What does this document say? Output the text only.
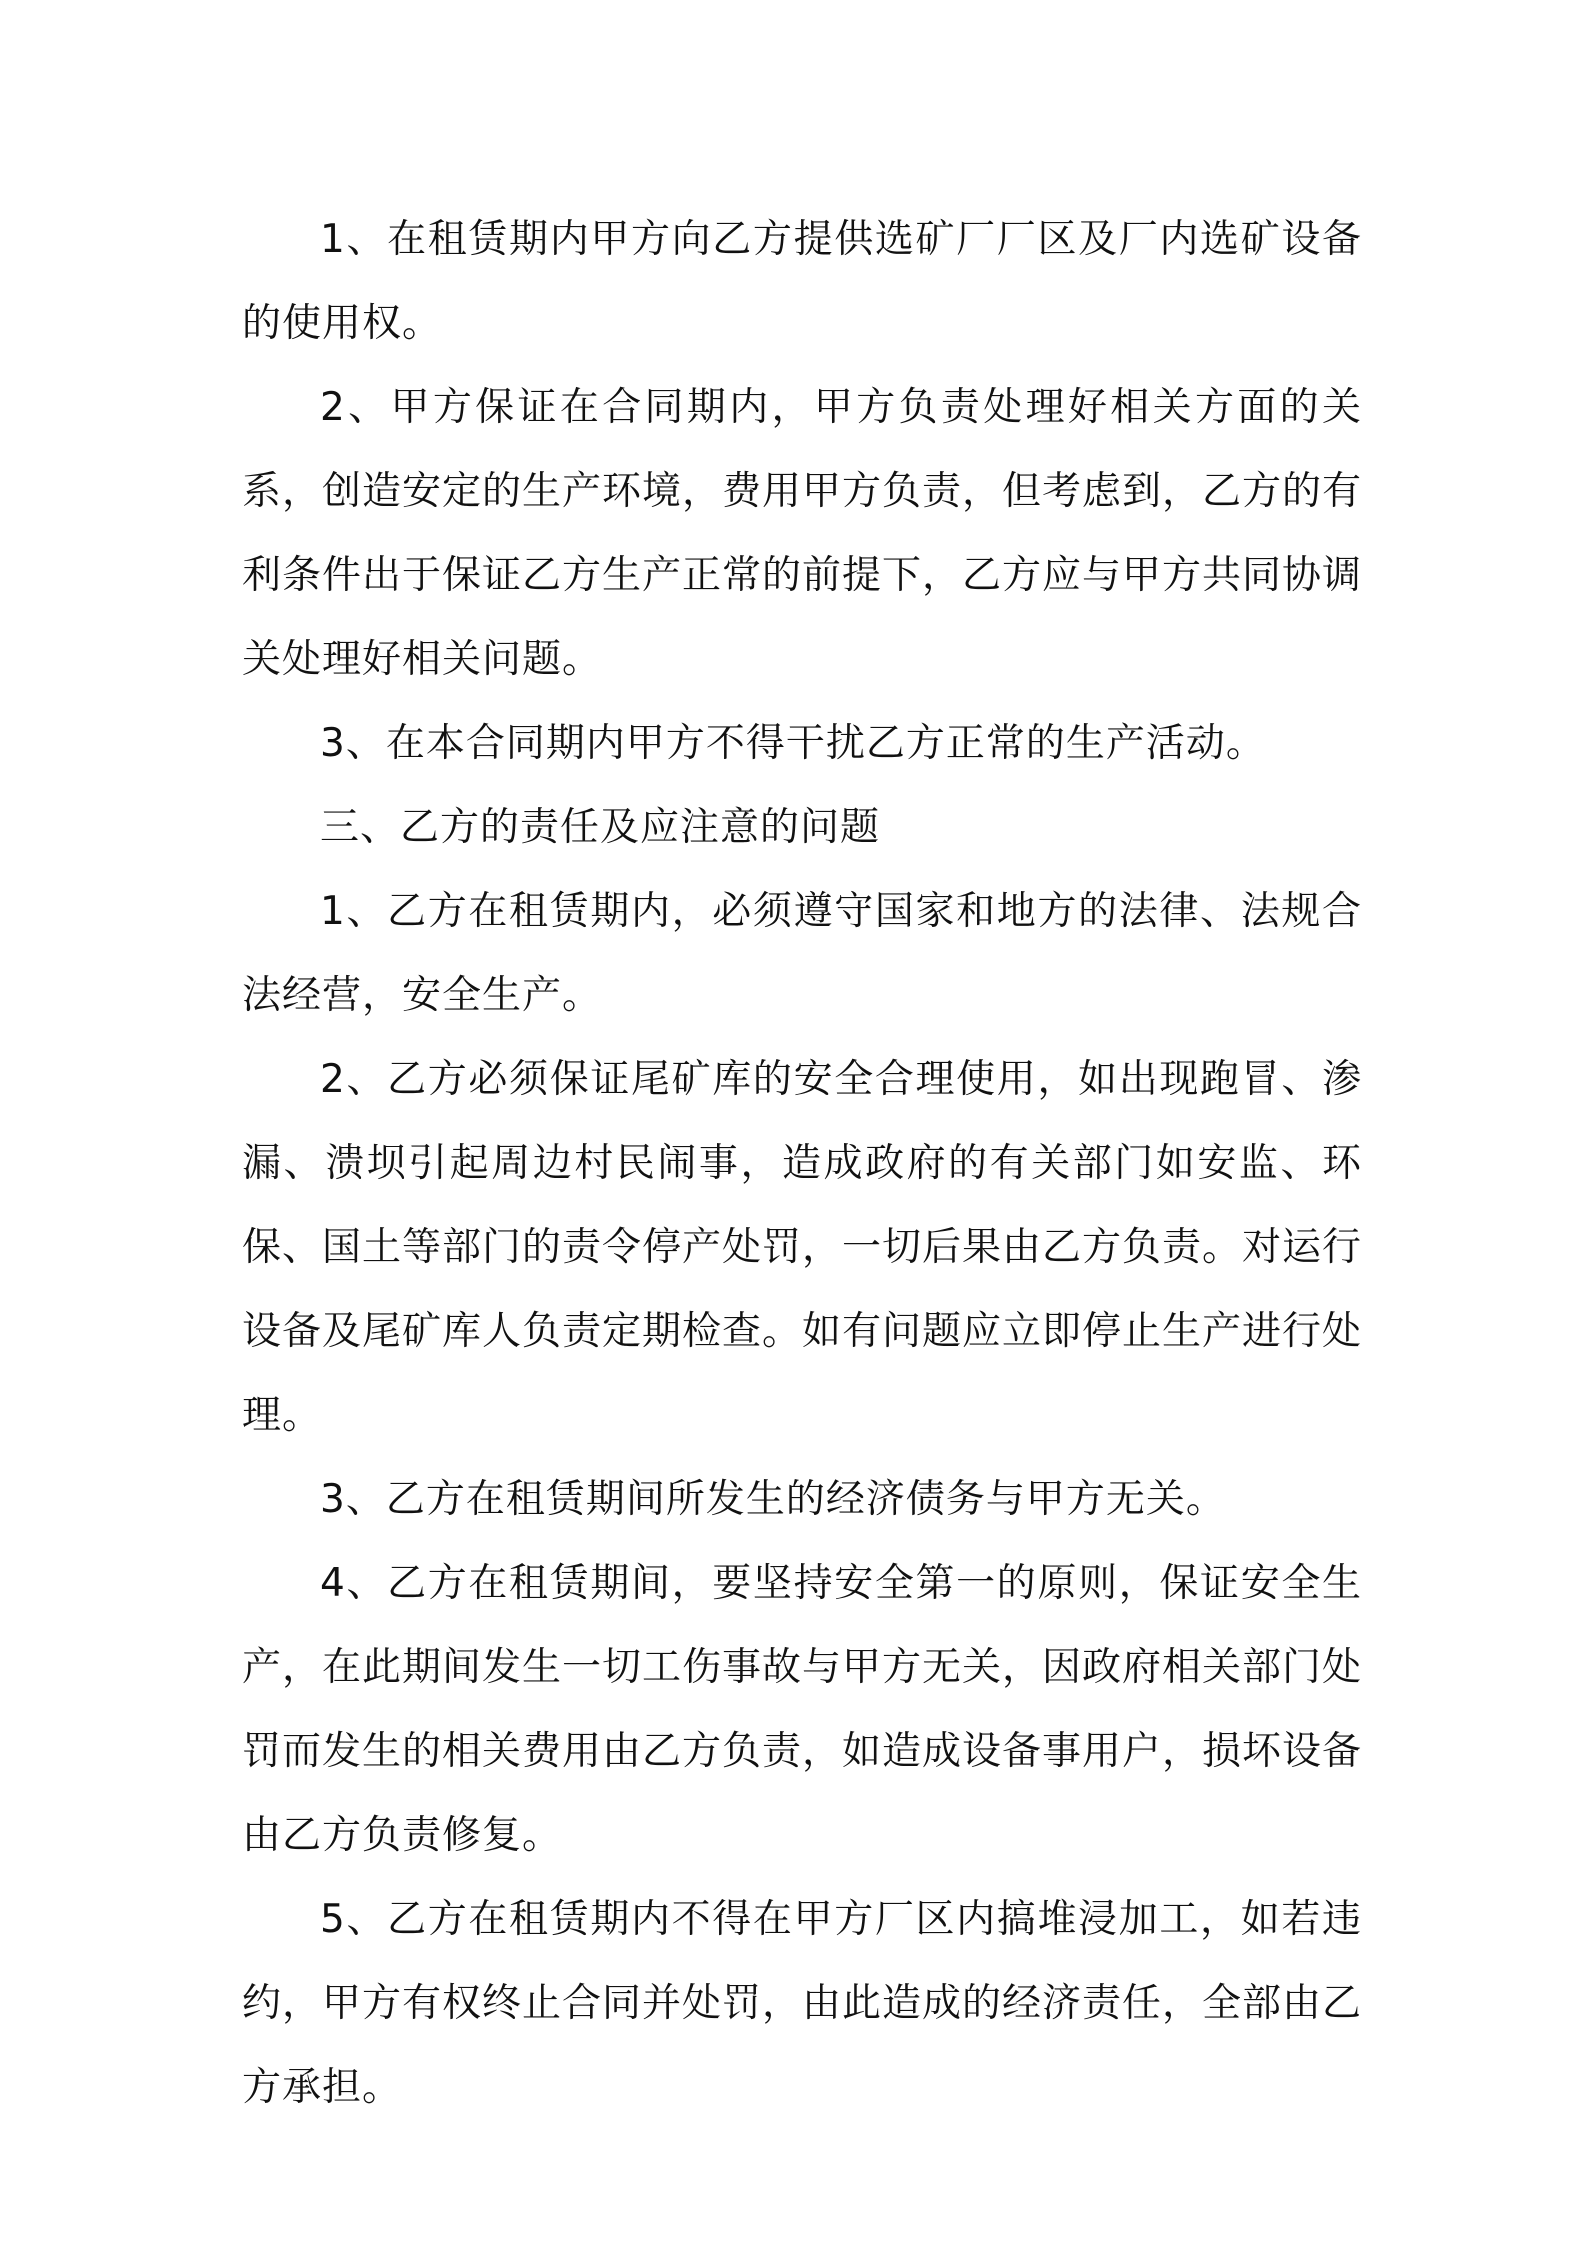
1、在租赁期内甲方向乙方提供选矿厂厂区及厂内选矿设备的使用权。

2、甲方保证在合同期内，甲方负责处理好相关方面的关系，创造安定的生产环境，费用甲方负责，但考虑到，乙方的有利条件出于保证乙方生产正常的前提下，乙方应与甲方共同协调关处理好相关问题。

3、在本合同期内甲方不得干扰乙方正常的生产活动。

三、乙方的责任及应注意的问题

1、乙方在租赁期内，必须遵守国家和地方的法律、法规合法经营，安全生产。

2、乙方必须保证尾矿库的安全合理使用，如出现跑冒、渗漏、溃坝引起周边村民闹事，造成政府的有关部门如安监、环保、国土等部门的责令停产处罚，一切后果由乙方负责。对运行设备及尾矿库人负责定期检查。如有问题应立即停止生产进行处理。

3、乙方在租赁期间所发生的经济债务与甲方无关。

4、乙方在租赁期间，要坚持安全第一的原则，保证安全生产，在此期间发生一切工伤事故与甲方无关，因政府相关部门处罚而发生的相关费用由乙方负责，如造成设备事用户，损坏设备由乙方负责修复。

5、乙方在租赁期内不得在甲方厂区内搞堆浸加工，如若违约，甲方有权终止合同并处罚，由此造成的经济责任，全部由乙方承担。
